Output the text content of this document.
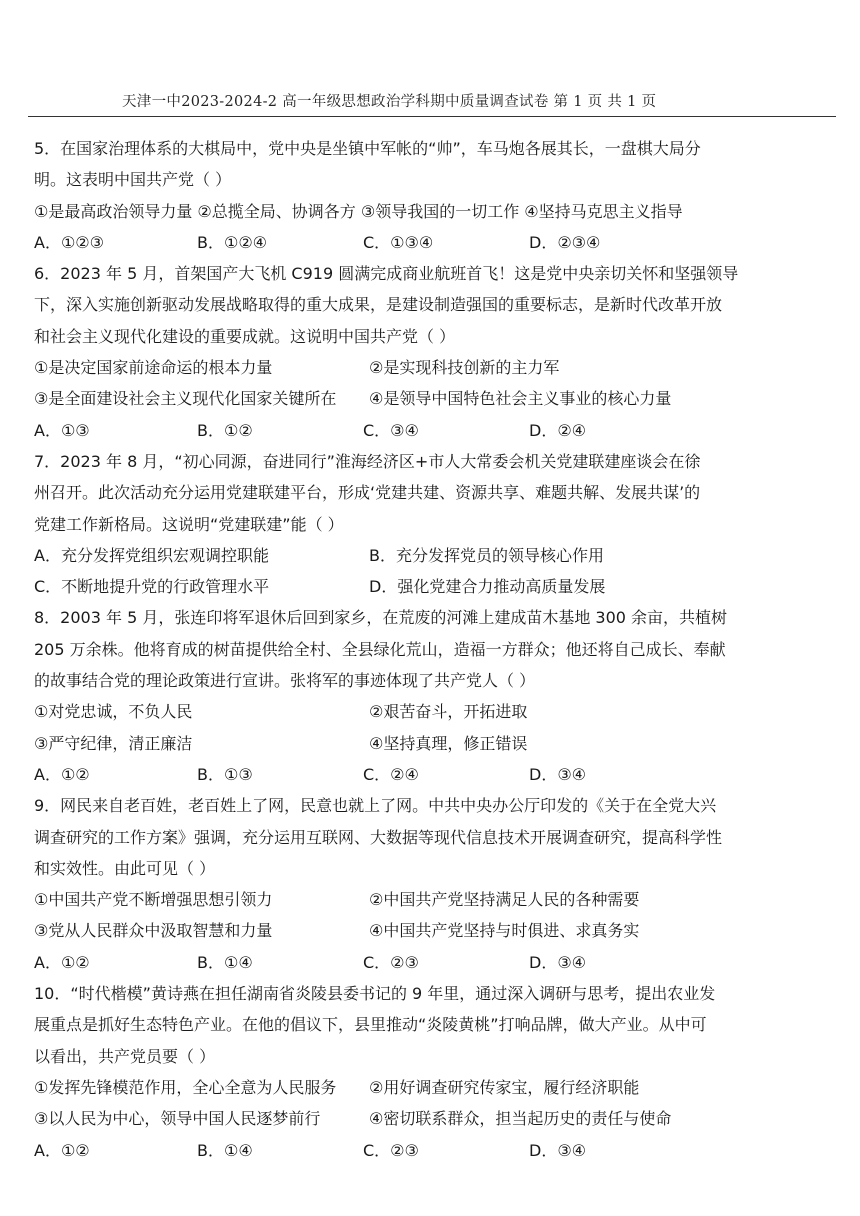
天津一中2023-2024-2 高一年级思想政治学科期中质量调查试卷 第 1 页 共 1 页
5．在国家治理体系的大棋局中，党中央是坐镇中军帐的“帅”，车马炮各展其长，一盘棋大局分
明。这表明中国共产党（ ）
①是最高政治领导力量 ②总揽全局、协调各方 ③领导我国的一切工作 ④坚持马克思主义指导
A．①②③	B．①②④	C．①③④	D．②③④
6．2023 年 5 月，首架国产大飞机 C919 圆满完成商业航班首飞！这是党中央亲切关怀和坚强领导
下，深入实施创新驱动发展战略取得的重大成果，是建设制造强国的重要标志，是新时代改革开放
和社会主义现代化建设的重要成就。这说明中国共产党（ ）
①是决定国家前途命运的根本力量	②是实现科技创新的主力军
③是全面建设社会主义现代化国家关键所在	④是领导中国特色社会主义事业的核心力量
A．①③	B．①②	C．③④	D．②④
7．2023 年 8 月，“初心同源，奋进同行”淮海经济区+市人大常委会机关党建联建座谈会在徐
州召开。此次活动充分运用党建联建平台，形成‘党建共建、资源共享、难题共解、发展共谋’的
党建工作新格局。这说明“党建联建”能（ ）
A．充分发挥党组织宏观调控职能	B．充分发挥党员的领导核心作用
C．不断地提升党的行政管理水平	D．强化党建合力推动高质量发展
8．2003 年 5 月，张连印将军退休后回到家乡，在荒废的河滩上建成苗木基地 300 余亩，共植树
205 万余株。他将育成的树苗提供给全村、全县绿化荒山，造福一方群众；他还将自己成长、奉献
的故事结合党的理论政策进行宣讲。张将军的事迹体现了共产党人（ ）
①对党忠诚，不负人民	②艰苦奋斗，开拓进取
③严守纪律，清正廉洁	④坚持真理，修正错误
A．①②	B．①③	C．②④	D．③④
9．网民来自老百姓，老百姓上了网，民意也就上了网。中共中央办公厅印发的《关于在全党大兴
调查研究的工作方案》强调，充分运用互联网、大数据等现代信息技术开展调查研究，提高科学性
和实效性。由此可见（ ）
①中国共产党不断增强思想引领力	②中国共产党坚持满足人民的各种需要
③党从人民群众中汲取智慧和力量	④中国共产党坚持与时俱进、求真务实
A．①②	B．①④	C．②③	D．③④
10．“时代楷模”黄诗燕在担任湖南省炎陵县委书记的 9 年里，通过深入调研与思考，提出农业发
展重点是抓好生态特色产业。在他的倡议下，县里推动“炎陵黄桃”打响品牌，做大产业。从中可
以看出，共产党员要（ ）
①发挥先锋模范作用，全心全意为人民服务	②用好调查研究传家宝，履行经济职能
③以人民为中心，领导中国人民逐梦前行	④密切联系群众，担当起历史的责任与使命
A．①②	B．①④	C．②③	D．③④
